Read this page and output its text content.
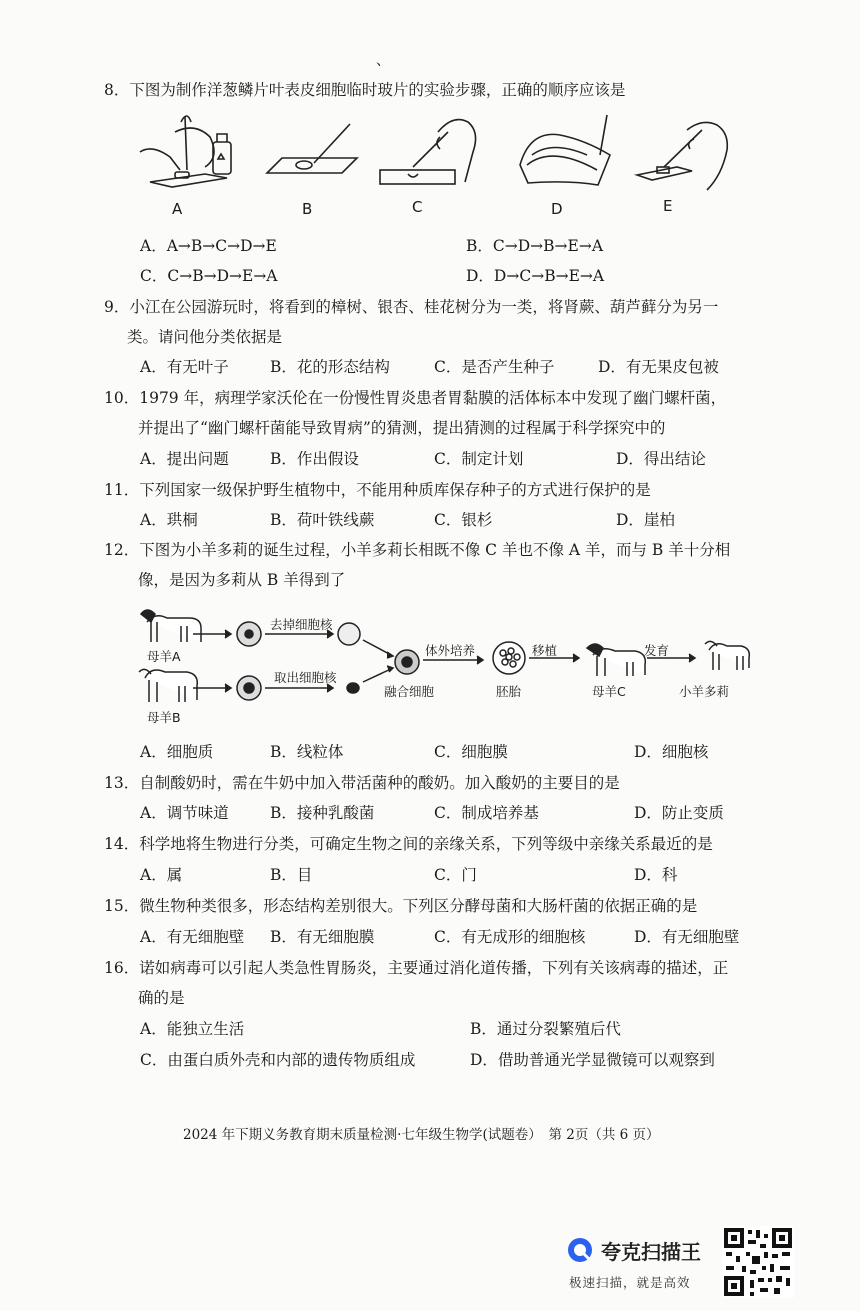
、
8．下图为制作洋葱鳞片叶表皮细胞临时玻片的实验步骤，正确的顺序应该是
A	B	C	D	E
A．A→B→C→D→E	B．C→D→B→E→A
C．C→B→D→E→A	D．D→C→B→E→A
9．小江在公园游玩时，将看到的樟树、银杏、桂花树分为一类，将肾蕨、葫芦藓分为另一
类。请问他分类依据是
A．有无叶子	B．花的形态结构	C．是否产生种子	D．有无果皮包被
10．1979 年，病理学家沃伦在一份慢性胃炎患者胃黏膜的活体标本中发现了幽门螺杆菌，
并提出了“幽门螺杆菌能导致胃病”的猜测，提出猜测的过程属于科学探究中的
A．提出问题	B．作出假设	C．制定计划	D．得出结论
11．下列国家一级保护野生植物中，不能用种质库保存种子的方式进行保护的是
A．珙桐	B．荷叶铁线蕨	C．银杉	D．崖柏
12．下图为小羊多莉的诞生过程，小羊多莉长相既不像 C 羊也不像 A 羊，而与 B 羊十分相
像，是因为多莉从 B 羊得到了
母羊A
母羊B
去掉细胞核
取出细胞核
融合细胞
体外培养
胚胎
移植
母羊C
发育
小羊多莉
A．细胞质	B．线粒体	C．细胞膜	D．细胞核
13．自制酸奶时，需在牛奶中加入带活菌种的酸奶。加入酸奶的主要目的是
A．调节味道	B．接种乳酸菌	C．制成培养基	D．防止变质
14．科学地将生物进行分类，可确定生物之间的亲缘关系，下列等级中亲缘关系最近的是
A．属	B．目	C．门	D．科
15．微生物种类很多，形态结构差别很大。下列区分酵母菌和大肠杆菌的依据正确的是
A．有无细胞壁 B．有无细胞膜	C．有无成形的细胞核	D．有无细胞壁
16．诺如病毒可以引起人类急性胃肠炎，主要通过消化道传播，下列有关该病毒的描述，正
确的是
A．能独立生活	B．通过分裂繁殖后代
C．由蛋白质外壳和内部的遗传物质组成	D．借助普通光学显微镜可以观察到
2024 年下期义务教育期末质量检测·七年级生物学(试题卷）　第 2页（共 6 页）
夸克扫描王
极速扫描，就是高效
